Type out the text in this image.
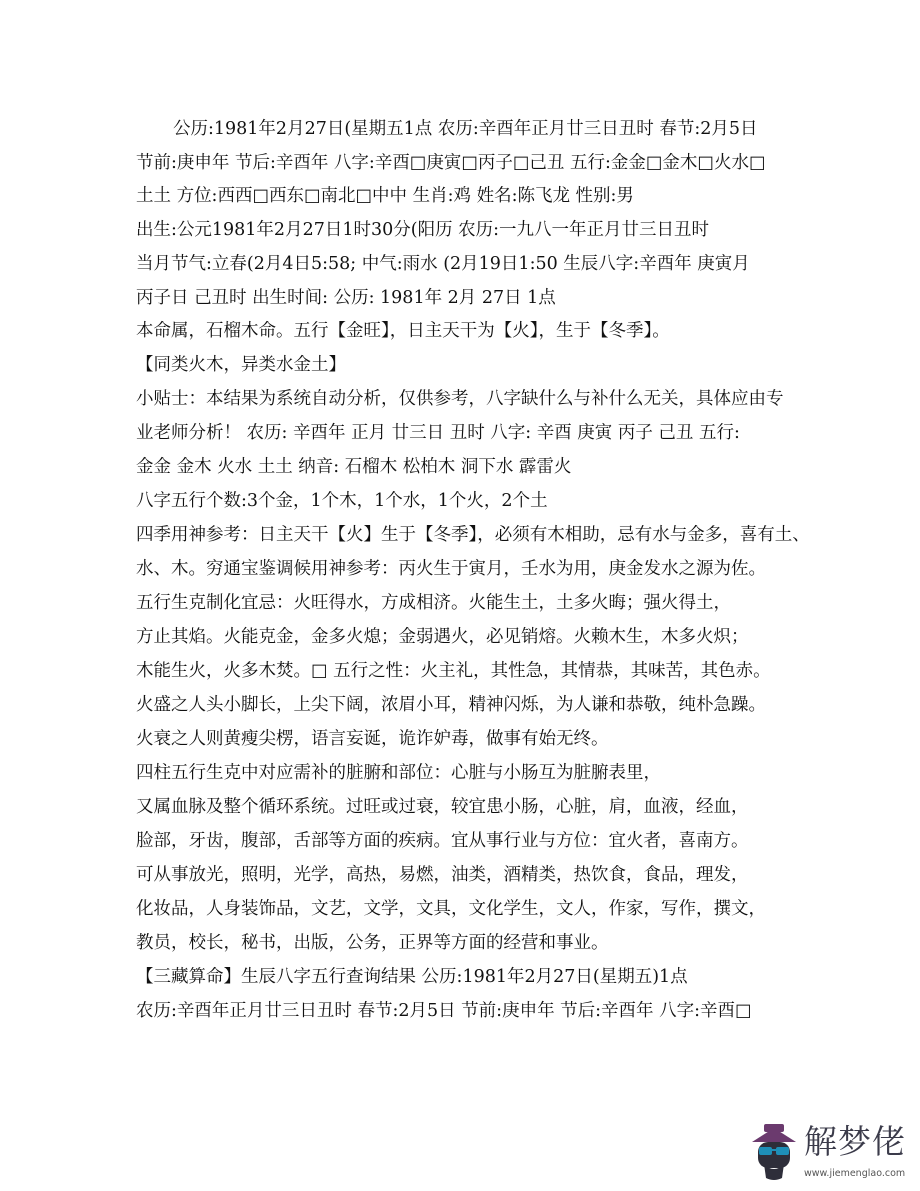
公历:1981年2月27日(星期五1点 农历:辛酉年正月廿三日丑时 春节:2月5日
节前:庚申年 节后:辛酉年 八字:辛酉□庚寅□丙子□己丑 五行:金金□金木□火水□
土土 方位:西西□西东□南北□中中 生肖:鸡 姓名:陈飞龙 性别:男
出生:公元1981年2月27日1时30分(阳历 农历:一九八一年正月廿三日丑时
当月节气:立春(2月4日5:58; 中气:雨水 (2月19日1:50 生辰八字:辛酉年 庚寅月
丙子日 己丑时 出生时间: 公历: 1981年 2月 27日 1点
本命属，石榴木命。五行【金旺】，日主天干为【火】，生于【冬季】。
【同类火木，异类水金土】
小贴士：本结果为系统自动分析，仅供参考，八字缺什么与补什么无关，具体应由专
业老师分析！ 农历: 辛酉年 正月 廿三日 丑时 八字: 辛酉 庚寅 丙子 己丑 五行:
金金 金木 火水 土土 纳音: 石榴木 松柏木 洞下水 霹雷火
八字五行个数:3个金，1个木，1个水，1个火，2个土
四季用神参考：日主天干【火】生于【冬季】，必须有木相助，忌有水与金多，喜有土、
水、木。穷通宝鉴调候用神参考：丙火生于寅月，壬水为用，庚金发水之源为佐。
五行生克制化宜忌：火旺得水，方成相济。火能生土，土多火晦；强火得土，
方止其焰。火能克金，金多火熄；金弱遇火，必见销熔。火赖木生，木多火炽；
木能生火，火多木焚。□ 五行之性：火主礼，其性急，其情恭，其味苦，其色赤。
火盛之人头小脚长，上尖下阔，浓眉小耳，精神闪烁，为人谦和恭敬，纯朴急躁。
火衰之人则黄瘦尖楞，语言妄诞，诡诈妒毒，做事有始无终。
四柱五行生克中对应需补的脏腑和部位：心脏与小肠互为脏腑表里，
又属血脉及整个循环系统。过旺或过衰，较宜患小肠，心脏，肩，血液，经血，
脸部，牙齿，腹部，舌部等方面的疾病。宜从事行业与方位：宜火者，喜南方。
可从事放光，照明，光学，高热，易燃，油类，酒精类，热饮食，食品，理发，
化妆品，人身装饰品，文艺，文学，文具，文化学生，文人，作家，写作，撰文，
教员，校长，秘书，出版，公务，正界等方面的经营和事业。
【三藏算命】生辰八字五行查询结果 公历:1981年2月27日(星期五)1点
农历:辛酉年正月廿三日丑时 春节:2月5日 节前:庚申年 节后:辛酉年 八字:辛酉□
解梦佬
www.jiemenglao.com
